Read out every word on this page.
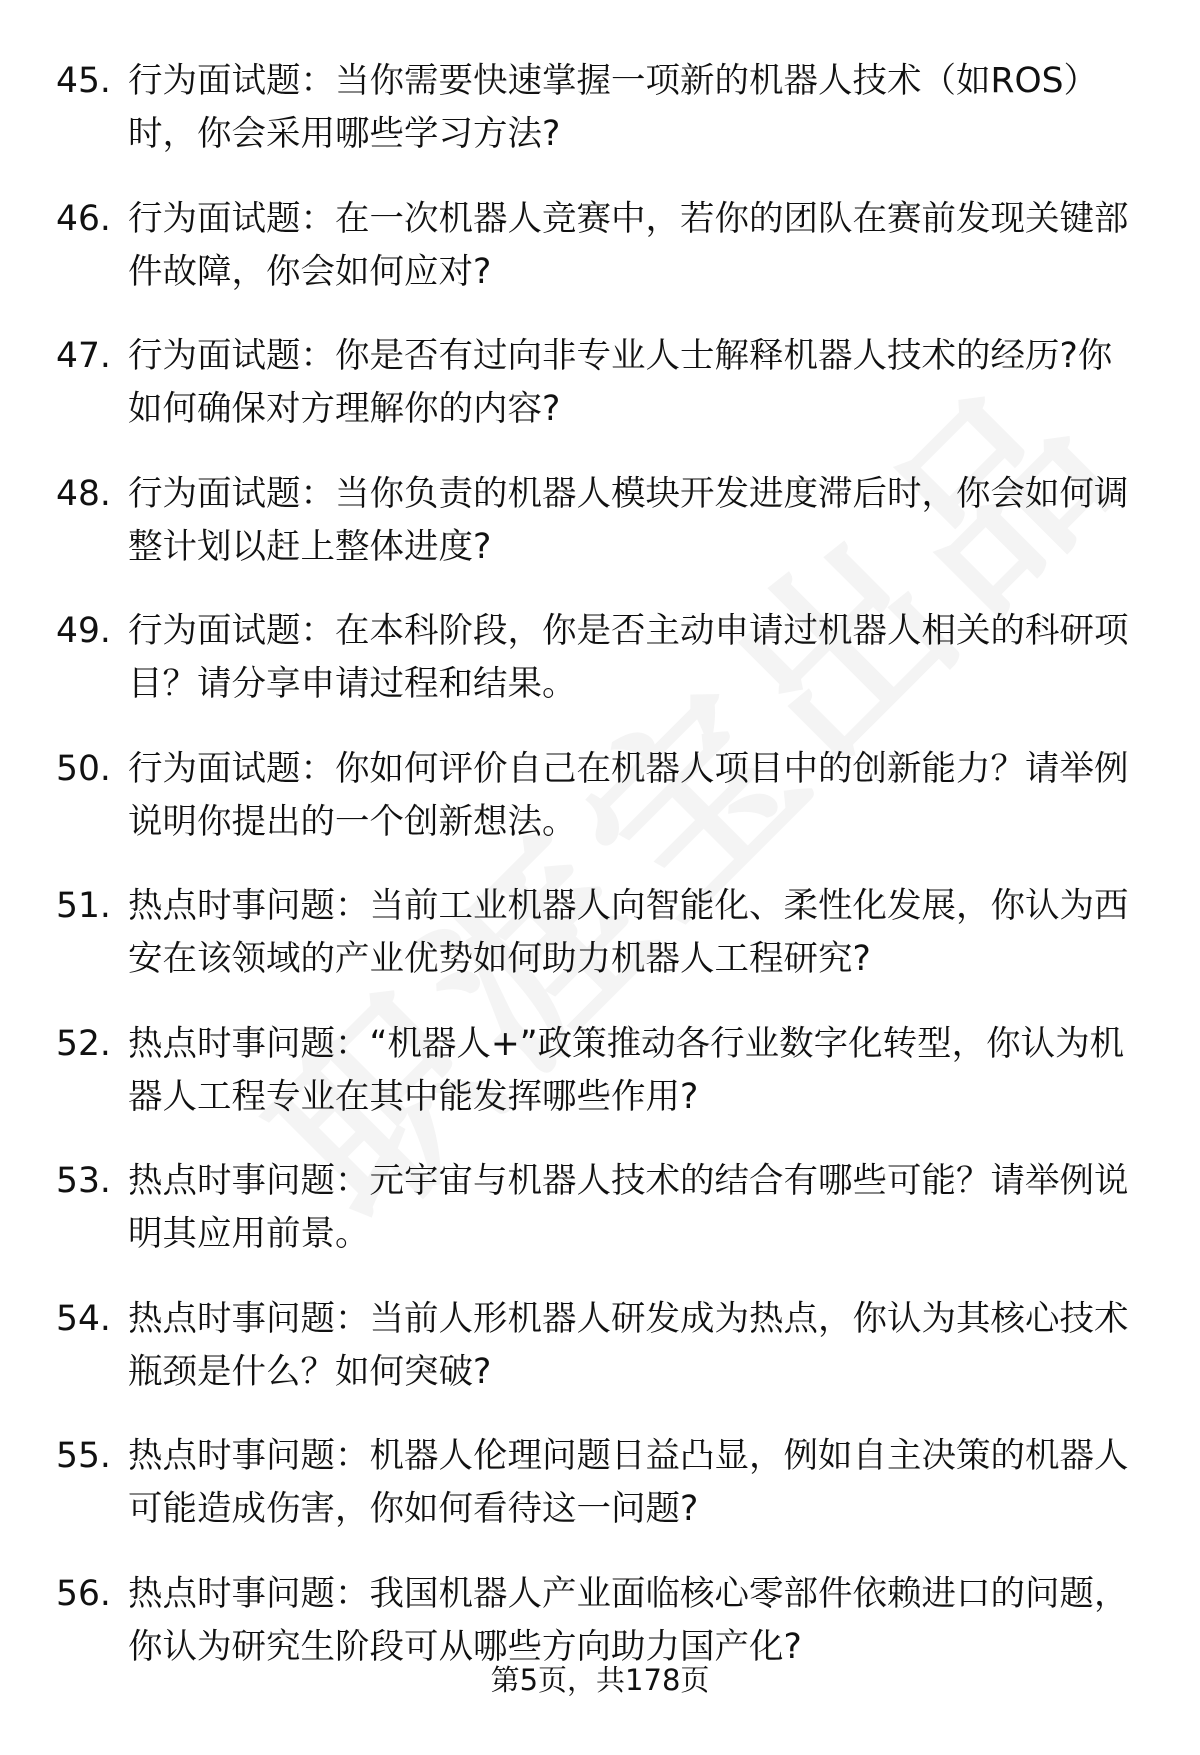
45. 行为面试题：当你需要快速掌握一项新的机器人技术（如ROS）时，你会采用哪些学习方法?
46. 行为面试题：在一次机器人竞赛中，若你的团队在赛前发现关键部件故障，你会如何应对?
47. 行为面试题：你是否有过向非专业人士解释机器人技术的经历?你如何确保对方理解你的内容?
48. 行为面试题：当你负责的机器人模块开发进度滞后时，你会如何调整计划以赶上整体进度?
49. 行为面试题：在本科阶段，你是否主动申请过机器人相关的科研项目？请分享申请过程和结果。
50. 行为面试题：你如何评价自己在机器人项目中的创新能力？请举例说明你提出的一个创新想法。
51. 热点时事问题：当前工业机器人向智能化、柔性化发展，你认为西安在该领域的产业优势如何助力机器人工程研究?
52. 热点时事问题：“机器人+”政策推动各行业数字化转型，你认为机器人工程专业在其中能发挥哪些作用?
53. 热点时事问题：元宇宙与机器人技术的结合有哪些可能？请举例说明其应用前景。
54. 热点时事问题：当前人形机器人研发成为热点，你认为其核心技术瓶颈是什么？如何突破?
55. 热点时事问题：机器人伦理问题日益凸显，例如自主决策的机器人可能造成伤害，你如何看待这一问题?
56. 热点时事问题：我国机器人产业面临核心零部件依赖进口的问题，你认为研究生阶段可从哪些方向助力国产化?
第5页，共178页
